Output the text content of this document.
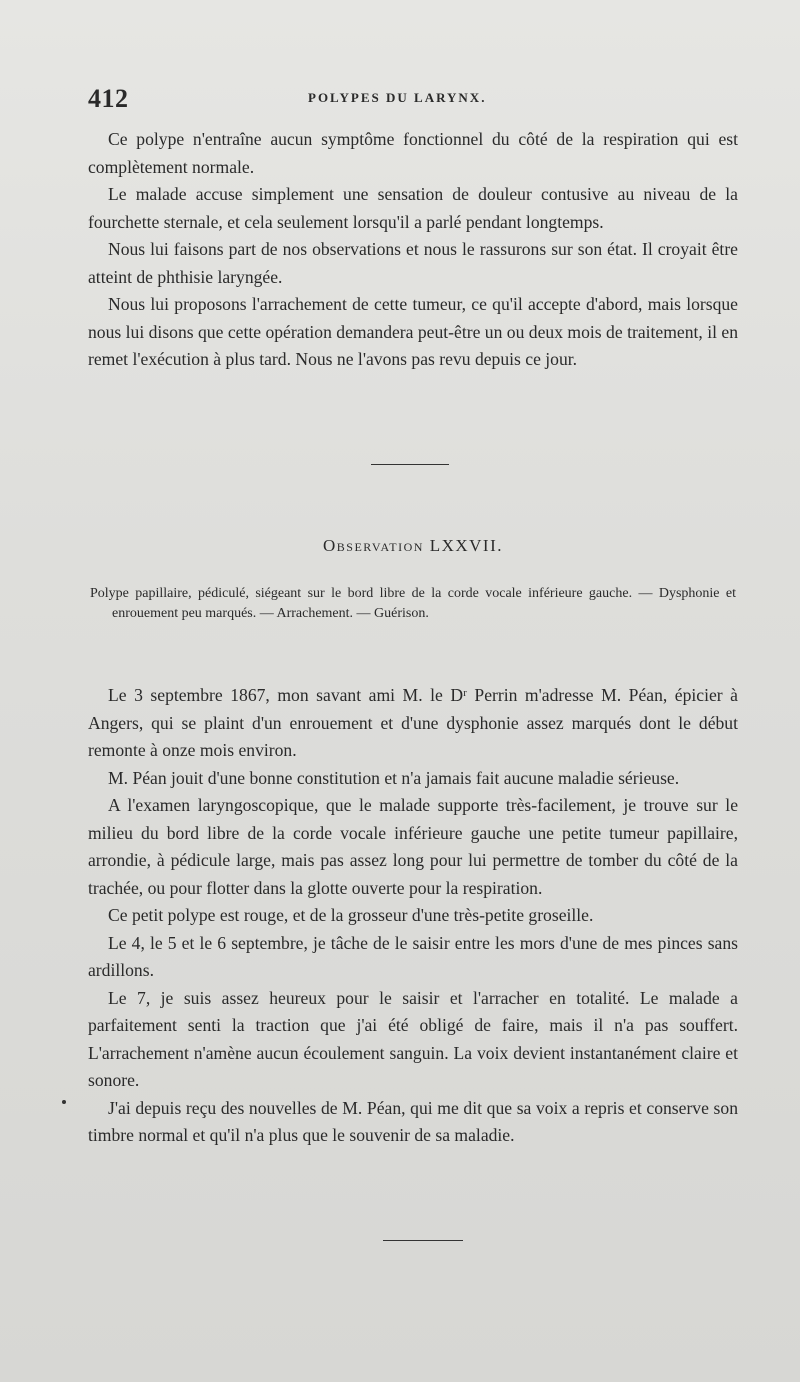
412	POLYPES DU LARYNX.

Ce polype n'entraîne aucun symptôme fonctionnel du côté de la respiration qui est complètement normale.

Le malade accuse simplement une sensation de douleur contusive au niveau de la fourchette sternale, et cela seulement lorsqu'il a parlé pendant longtemps.

Nous lui faisons part de nos observations et nous le rassurons sur son état. Il croyait être atteint de phthisie laryngée.

Nous lui proposons l'arrachement de cette tumeur, ce qu'il accepte d'abord, mais lorsque nous lui disons que cette opération demandera peut-être un ou deux mois de traitement, il en remet l'exécution à plus tard. Nous ne l'avons pas revu depuis ce jour.

Observation LXXVII.

Polype papillaire, pédiculé, siégeant sur le bord libre de la corde vocale inférieure gauche. — Dysphonie et enrouement peu marqués. — Arrachement. — Guérison.

Le 3 septembre 1867, mon savant ami M. le Dʳ Perrin m'adresse M. Péan, épicier à Angers, qui se plaint d'un enrouement et d'une dysphonie assez marqués dont le début remonte à onze mois environ.

M. Péan jouit d'une bonne constitution et n'a jamais fait aucune maladie sérieuse.

A l'examen laryngoscopique, que le malade supporte très-facilement, je trouve sur le milieu du bord libre de la corde vocale inférieure gauche une petite tumeur papillaire, arrondie, à pédicule large, mais pas assez long pour lui permettre de tomber du côté de la trachée, ou pour flotter dans la glotte ouverte pour la respiration.

Ce petit polype est rouge, et de la grosseur d'une très-petite groseille.

Le 4, le 5 et le 6 septembre, je tâche de le saisir entre les mors d'une de mes pinces sans ardillons.

Le 7, je suis assez heureux pour le saisir et l'arracher en totalité. Le malade a parfaitement senti la traction que j'ai été obligé de faire, mais il n'a pas souffert. L'arrachement n'amène aucun écoulement sanguin. La voix devient instantanément claire et sonore.

J'ai depuis reçu des nouvelles de M. Péan, qui me dit que sa voix a repris et conserve son timbre normal et qu'il n'a plus que le souvenir de sa maladie.
